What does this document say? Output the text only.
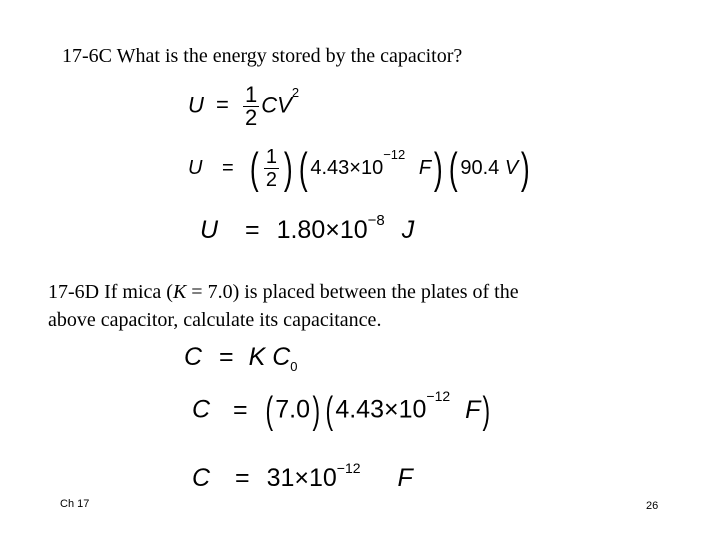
17-6C What is the energy stored by the capacitor?
$U = \frac{1}{2} CV^2$
U = ( $\frac{1}{2}$ ) ( $4.43\times 10^{-12}$ F) ( 90.4 V)
$U = 1.80\times 10^{-8}$ J
17-6D If mica (K = 7.0) is placed between the plates of the
above capacitor, calculate its capacitance.
C = K $C_0$
C = ( 7.0) ( $4.43\times 10^{-12}$ F)
$C = 31\times 10^{-12}$ F
Ch 17	26
